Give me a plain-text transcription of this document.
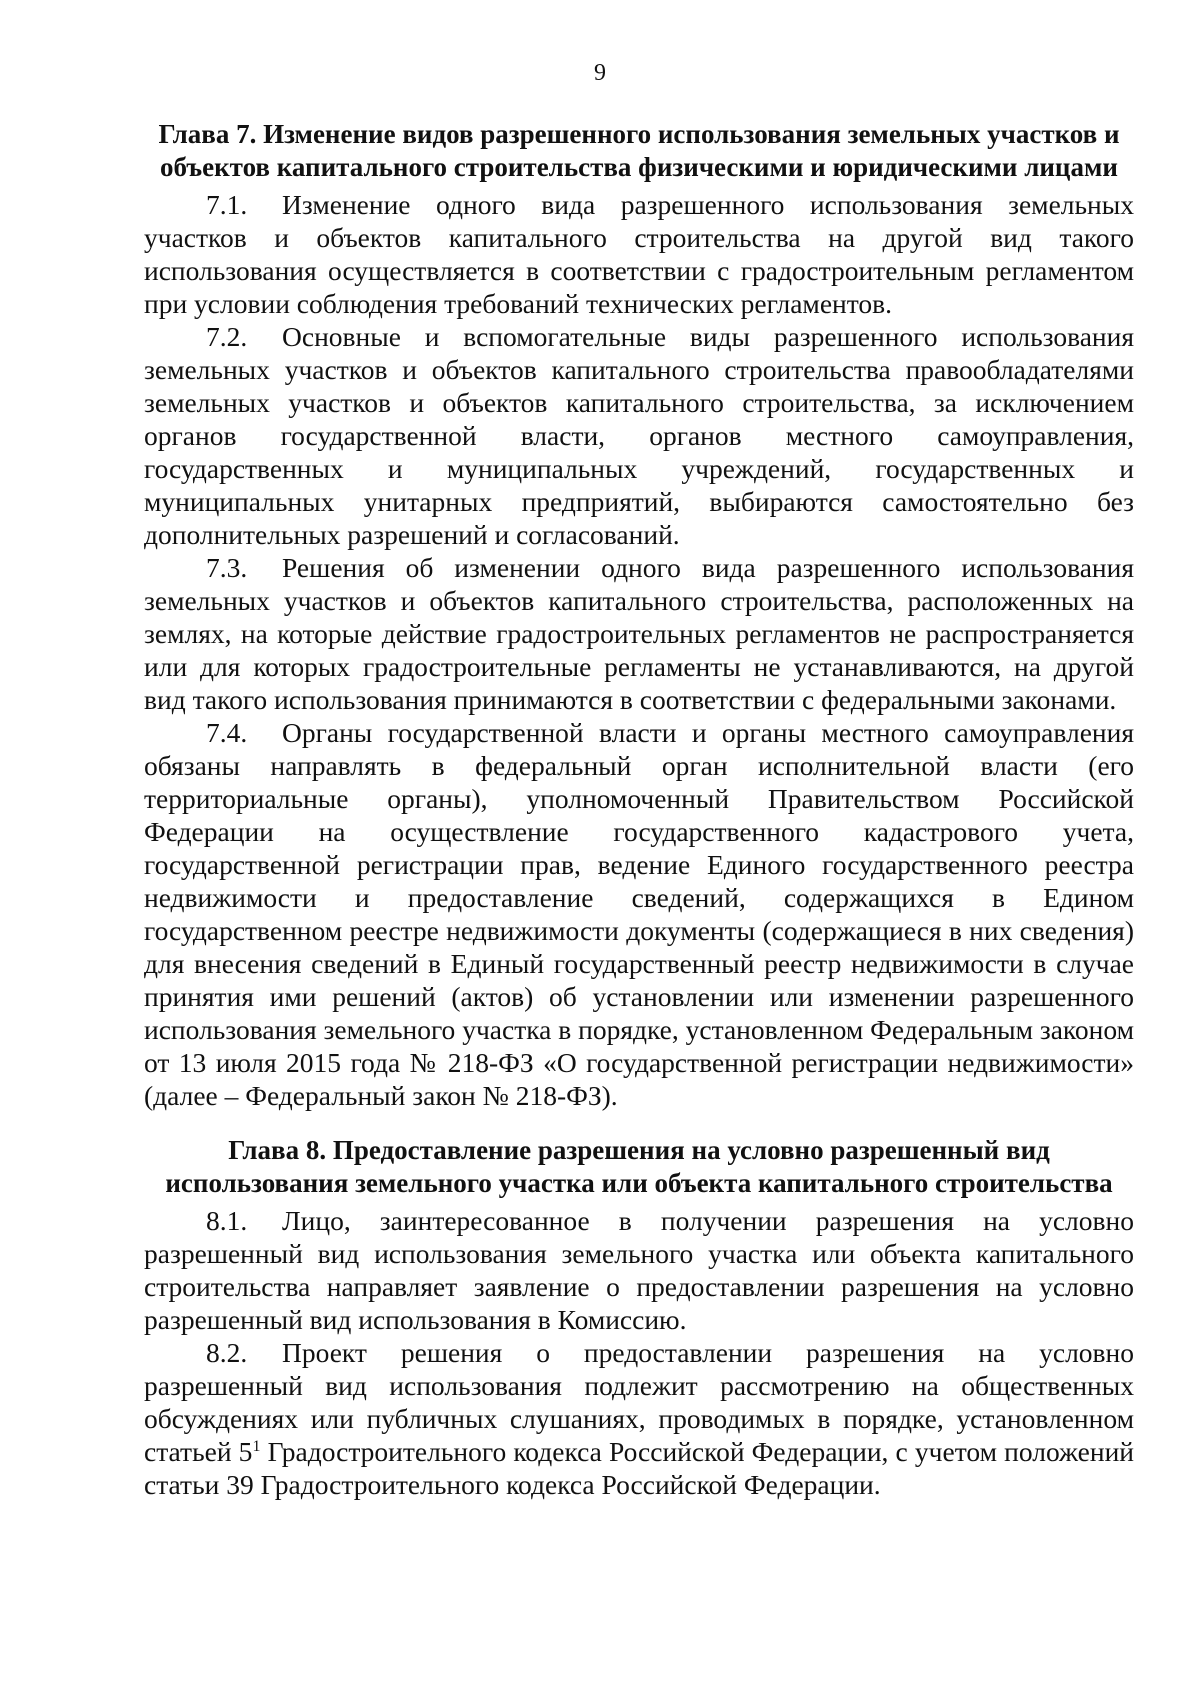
9
Глава 7. Изменение видов разрешенного использования земельных участков и объектов капитального строительства физическими и юридическими лицами

7.1. Изменение одного вида разрешенного использования земельных участков и объектов капитального строительства на другой вид такого использования осуществляется в соответствии с градостроительным регламентом при условии соблюдения требований технических регламентов.

7.2. Основные и вспомогательные виды разрешенного использования земельных участков и объектов капитального строительства правообладателями земельных участков и объектов капитального строительства, за исключением органов государственной власти, органов местного самоуправления, государственных и муниципальных учреждений, государственных и муниципальных унитарных предприятий, выбираются самостоятельно без дополнительных разрешений и согласований.

7.3. Решения об изменении одного вида разрешенного использования земельных участков и объектов капитального строительства, расположенных на землях, на которые действие градостроительных регламентов не распространяется или для которых градостроительные регламенты не устанавливаются, на другой вид такого использования принимаются в соответствии с федеральными законами.

7.4. Органы государственной власти и органы местного самоуправления обязаны направлять в федеральный орган исполнительной власти (его территориальные органы), уполномоченный Правительством Российской Федерации на осуществление государственного кадастрового учета, государственной регистрации прав, ведение Единого государственного реестра недвижимости и предоставление сведений, содержащихся в Едином государственном реестре недвижимости документы (содержащиеся в них сведения) для внесения сведений в Единый государственный реестр недвижимости в случае принятия ими решений (актов) об установлении или изменении разрешенного использования земельного участка в порядке, установленном Федеральным законом от 13 июля 2015 года № 218-ФЗ «О государственной регистрации недвижимости» (далее – Федеральный закон № 218-ФЗ).

Глава 8. Предоставление разрешения на условно разрешенный вид использования земельного участка или объекта капитального строительства

8.1. Лицо, заинтересованное в получении разрешения на условно разрешенный вид использования земельного участка или объекта капитального строительства направляет заявление о предоставлении разрешения на условно разрешенный вид использования в Комиссию.

8.2. Проект решения о предоставлении разрешения на условно разрешенный вид использования подлежит рассмотрению на общественных обсуждениях или публичных слушаниях, проводимых в порядке, установленном статьей $5^1$ Градостроительного кодекса Российской Федерации, с учетом положений статьи 39 Градостроительного кодекса Российской Федерации.
